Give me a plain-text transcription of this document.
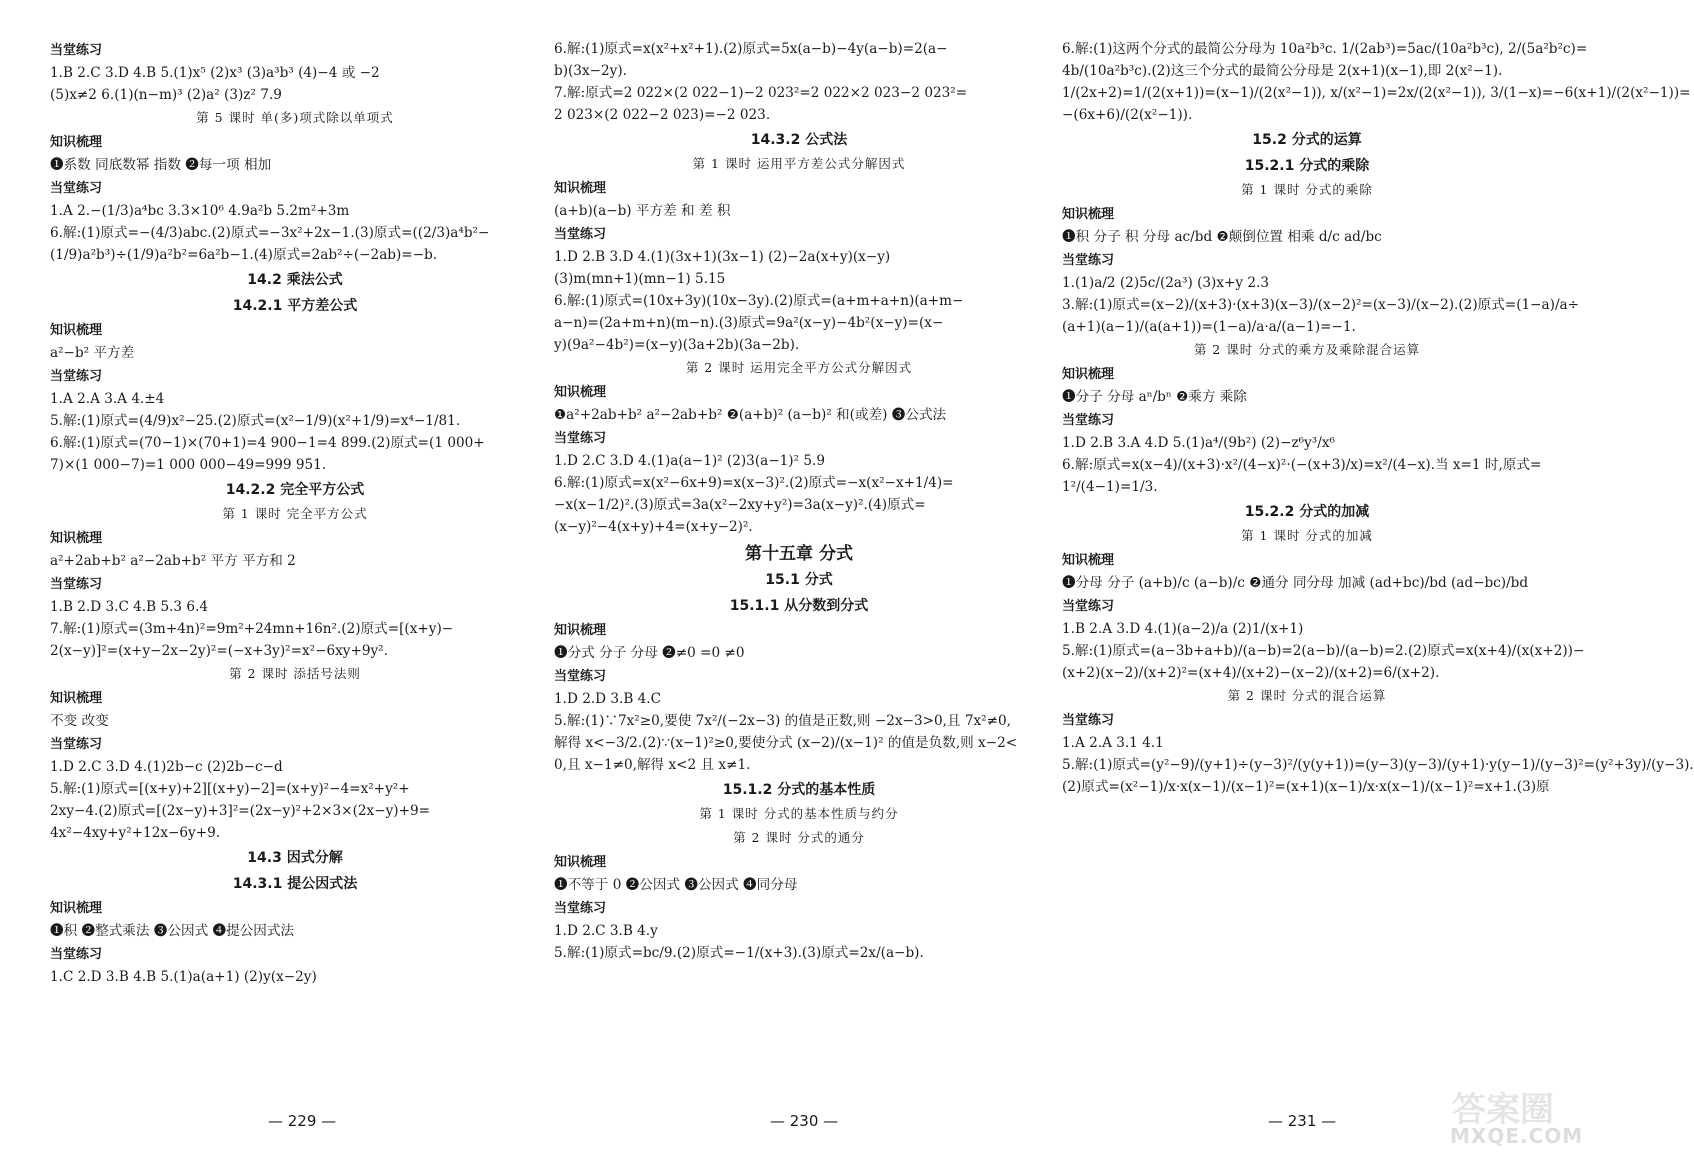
当堂练习

1.B 2.C 3.D 4.B 5.(1)x⁵ (2)x³ (3)a³b³ (4)−4 或 −2

(5)x≠2 6.(1)(n−m)³ (2)a² (3)z² 7.9

第 5 课时 单(多)项式除以单项式

知识梳理

❶系数 同底数幂 指数 ❷每一项 相加

当堂练习

1.A 2.−(1/3)a⁴bc 3.3×10⁶ 4.9a²b 5.2m²+3m

6.解:(1)原式=−(4/3)abc.(2)原式=−3x²+2x−1.(3)原式=((2/3)a⁴b²−

(1/9)a²b³)÷(1/9)a²b²=6a²b−1.(4)原式=2ab²÷(−2ab)=−b.

14.2 乘法公式

14.2.1 平方差公式

知识梳理

a²−b² 平方差

当堂练习

1.A 2.A 3.A 4.±4

5.解:(1)原式=(4/9)x²−25.(2)原式=(x²−1/9)(x²+1/9)=x⁴−1/81.

6.解:(1)原式=(70−1)×(70+1)=4 900−1=4 899.(2)原式=(1 000+

7)×(1 000−7)=1 000 000−49=999 951.

14.2.2 完全平方公式

第 1 课时 完全平方公式

知识梳理

a²+2ab+b² a²−2ab+b² 平方 平方和 2

当堂练习

1.B 2.D 3.C 4.B 5.3 6.4

7.解:(1)原式=(3m+4n)²=9m²+24mn+16n².(2)原式=[(x+y)−

2(x−y)]²=(x+y−2x−2y)²=(−x+3y)²=x²−6xy+9y².

第 2 课时 添括号法则

知识梳理

不变 改变

当堂练习

1.D 2.C 3.D 4.(1)2b−c (2)2b−c−d

5.解:(1)原式=[(x+y)+2][(x+y)−2]=(x+y)²−4=x²+y²+

2xy−4.(2)原式=[(2x−y)+3]²=(2x−y)²+2×3×(2x−y)+9=

4x²−4xy+y²+12x−6y+9.

14.3 因式分解

14.3.1 提公因式法

知识梳理

❶积 ❷整式乘法 ❸公因式 ❹提公因式法

当堂练习

1.C 2.D 3.B 4.B 5.(1)a(a+1) (2)y(x−2y)

6.解:(1)原式=x(x²+x²+1).(2)原式=5x(a−b)−4y(a−b)=2(a−

b)(3x−2y).

7.解:原式=2 022×(2 022−1)−2 023²=2 022×2 023−2 023²=

2 023×(2 022−2 023)=−2 023.

14.3.2 公式法

第 1 课时 运用平方差公式分解因式

知识梳理

(a+b)(a−b) 平方差 和 差 积

当堂练习

1.D 2.B 3.D 4.(1)(3x+1)(3x−1) (2)−2a(x+y)(x−y)

(3)m(mn+1)(mn−1) 5.15

6.解:(1)原式=(10x+3y)(10x−3y).(2)原式=(a+m+a+n)(a+m−

a−n)=(2a+m+n)(m−n).(3)原式=9a²(x−y)−4b²(x−y)=(x−

y)(9a²−4b²)=(x−y)(3a+2b)(3a−2b).

第 2 课时 运用完全平方公式分解因式

知识梳理

❶a²+2ab+b² a²−2ab+b² ❷(a+b)² (a−b)² 和(或差) ❸公式法

当堂练习

1.D 2.C 3.D 4.(1)a(a−1)² (2)3(a−1)² 5.9

6.解:(1)原式=x(x²−6x+9)=x(x−3)².(2)原式=−x(x²−x+1/4)=

−x(x−1/2)².(3)原式=3a(x²−2xy+y²)=3a(x−y)².(4)原式=

(x−y)²−4(x+y)+4=(x+y−2)².

第十五章 分式

15.1 分式

15.1.1 从分数到分式

知识梳理

❶分式 分子 分母 ❷≠0 =0 ≠0

当堂练习

1.D 2.D 3.B 4.C

5.解:(1)∵7x²≥0,要使 7x²/(−2x−3) 的值是正数,则 −2x−3>0,且 7x²≠0,

解得 x<−3/2.(2)∵(x−1)²≥0,要使分式 (x−2)/(x−1)² 的值是负数,则 x−2<

0,且 x−1≠0,解得 x<2 且 x≠1.

15.1.2 分式的基本性质

第 1 课时 分式的基本性质与约分

第 2 课时 分式的通分

知识梳理

❶不等于 0 ❷公因式 ❸公因式 ❹同分母

当堂练习

1.D 2.C 3.B 4.y

5.解:(1)原式=bc/9.(2)原式=−1/(x+3).(3)原式=2x/(a−b).

6.解:(1)这两个分式的最简公分母为 10a²b³c. 1/(2ab³)=5ac/(10a²b³c), 2/(5a²b²c)=

4b/(10a²b³c).(2)这三个分式的最简公分母是 2(x+1)(x−1),即 2(x²−1).

1/(2x+2)=1/(2(x+1))=(x−1)/(2(x²−1)), x/(x²−1)=2x/(2(x²−1)), 3/(1−x)=−6(x+1)/(2(x²−1))=

−(6x+6)/(2(x²−1)).

15.2 分式的运算

15.2.1 分式的乘除

第 1 课时 分式的乘除

知识梳理

❶积 分子 积 分母 ac/bd ❷颠倒位置 相乘 d/c ad/bc

当堂练习

1.(1)a/2 (2)5c/(2a³) (3)x+y 2.3

3.解:(1)原式=(x−2)/(x+3)·(x+3)(x−3)/(x−2)²=(x−3)/(x−2).(2)原式=(1−a)/a÷

(a+1)(a−1)/(a(a+1))=(1−a)/a·a/(a−1)=−1.

第 2 课时 分式的乘方及乘除混合运算

知识梳理

❶分子 分母 aⁿ/bⁿ ❷乘方 乘除

当堂练习

1.D 2.B 3.A 4.D 5.(1)a⁴/(9b²) (2)−z⁶y³/x⁶

6.解:原式=x(x−4)/(x+3)·x²/(4−x)²·(−(x+3)/x)=x²/(4−x).当 x=1 时,原式=

1²/(4−1)=1/3.

15.2.2 分式的加减

第 1 课时 分式的加减

知识梳理

❶分母 分子 (a+b)/c (a−b)/c ❷通分 同分母 加减 (ad+bc)/bd (ad−bc)/bd

当堂练习

1.B 2.A 3.D 4.(1)(a−2)/a (2)1/(x+1)

5.解:(1)原式=(a−3b+a+b)/(a−b)=2(a−b)/(a−b)=2.(2)原式=x(x+4)/(x(x+2))−

(x+2)(x−2)/(x+2)²=(x+4)/(x+2)−(x−2)/(x+2)=6/(x+2).

第 2 课时 分式的混合运算

当堂练习

1.A 2.A 3.1 4.1

5.解:(1)原式=(y²−9)/(y+1)÷(y−3)²/(y(y+1))=(y−3)(y−3)/(y+1)·y(y−1)/(y−3)²=(y²+3y)/(y−3).

(2)原式=(x²−1)/x·x(x−1)/(x−1)²=(x+1)(x−1)/x·x(x−1)/(x−1)²=x+1.(3)原

— 229 —	— 230 —	— 231 —	答案圈
MXQE.COM
